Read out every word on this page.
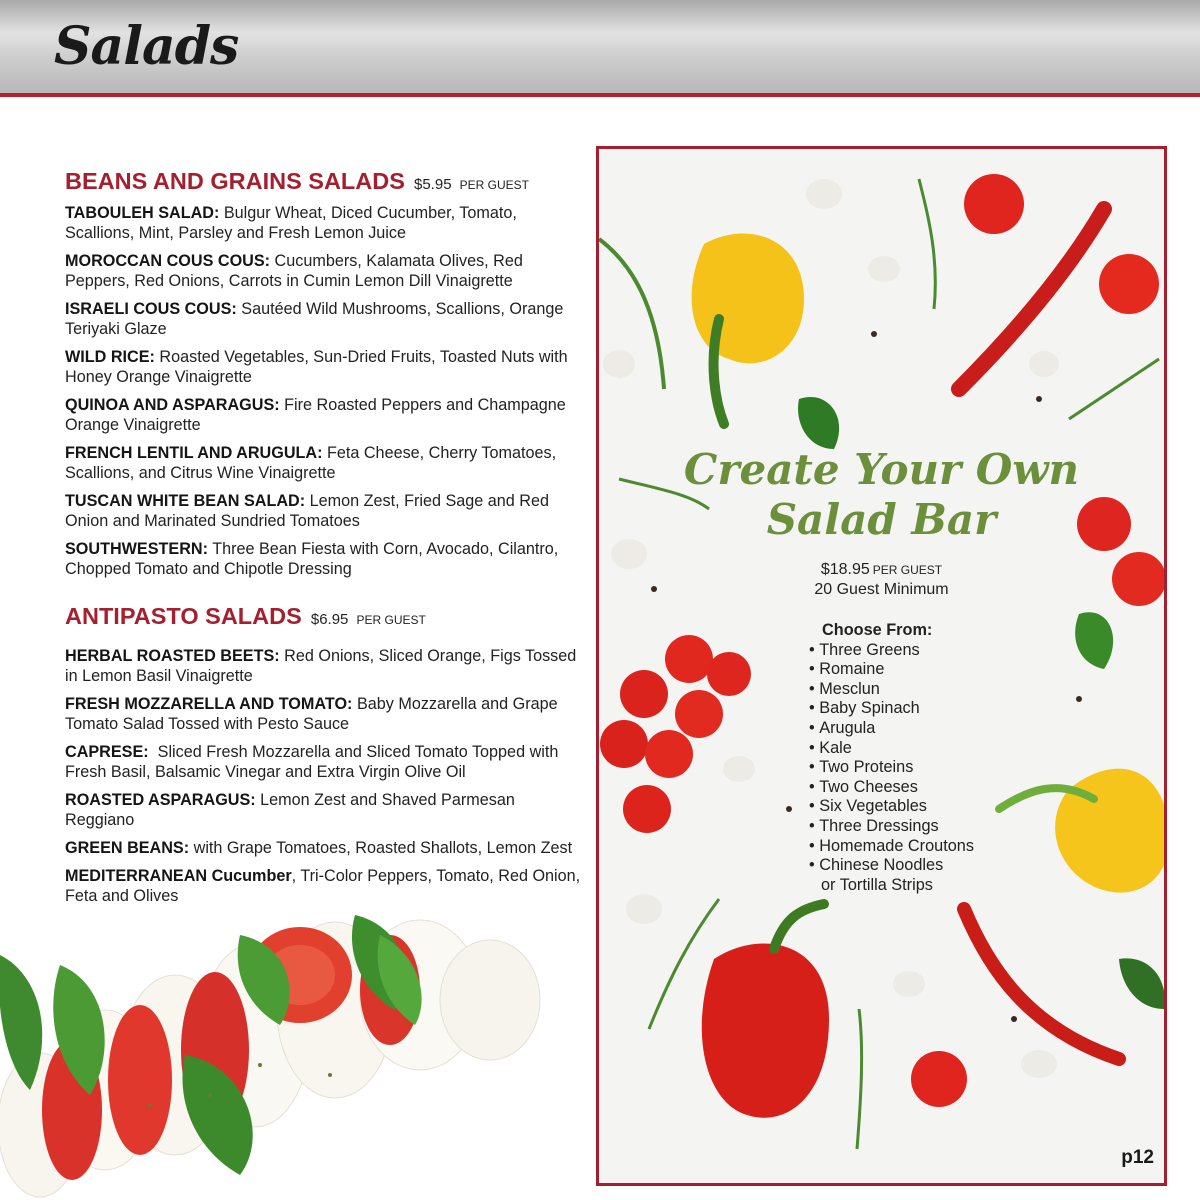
Salads
BEANS AND GRAINS SALADS $5.95 PER GUEST
TABOULEH SALAD: Bulgur Wheat, Diced Cucumber, Tomato, Scallions, Mint, Parsley and Fresh Lemon Juice
MOROCCAN COUS COUS: Cucumbers, Kalamata Olives, Red Peppers, Red Onions, Carrots in Cumin Lemon Dill Vinaigrette
ISRAELI COUS COUS: Sautéed Wild Mushrooms, Scallions, Orange Teriyaki Glaze
WILD RICE: Roasted Vegetables, Sun-Dried Fruits, Toasted Nuts with Honey Orange Vinaigrette
QUINOA AND ASPARAGUS: Fire Roasted Peppers and Champagne Orange Vinaigrette
FRENCH LENTIL AND ARUGULA: Feta Cheese, Cherry Tomatoes, Scallions, and Citrus Wine Vinaigrette
TUSCAN WHITE BEAN SALAD: Lemon Zest, Fried Sage and Red Onion and Marinated Sundried Tomatoes
SOUTHWESTERN: Three Bean Fiesta with Corn, Avocado, Cilantro, Chopped Tomato and Chipotle Dressing
ANTIPASTO SALADS $6.95 PER GUEST
HERBAL ROASTED BEETS: Red Onions, Sliced Orange, Figs Tossed in Lemon Basil Vinaigrette
FRESH MOZZARELLA AND TOMATO: Baby Mozzarella and Grape Tomato Salad Tossed with Pesto Sauce
CAPRESE:  Sliced Fresh Mozzarella and Sliced Tomato Topped with Fresh Basil, Balsamic Vinegar and Extra Virgin Olive Oil
ROASTED ASPARAGUS: Lemon Zest and Shaved Parmesan Reggiano
GREEN BEANS: with Grape Tomatoes, Roasted Shallots, Lemon Zest
MEDITERRANEAN Cucumber, Tri-Color Peppers, Tomato, Red Onion, Feta and Olives
Create Your Own
Salad Bar
$18.95 PER GUEST
20 Guest Minimum
Choose From:
• Three Greens
• Romaine
• Mesclun
• Baby Spinach
• Arugula
• Kale
• Two Proteins
• Two Cheeses
• Six Vegetables
• Three Dressings
• Homemade Croutons
• Chinese Noodles
or Tortilla Strips
p12
